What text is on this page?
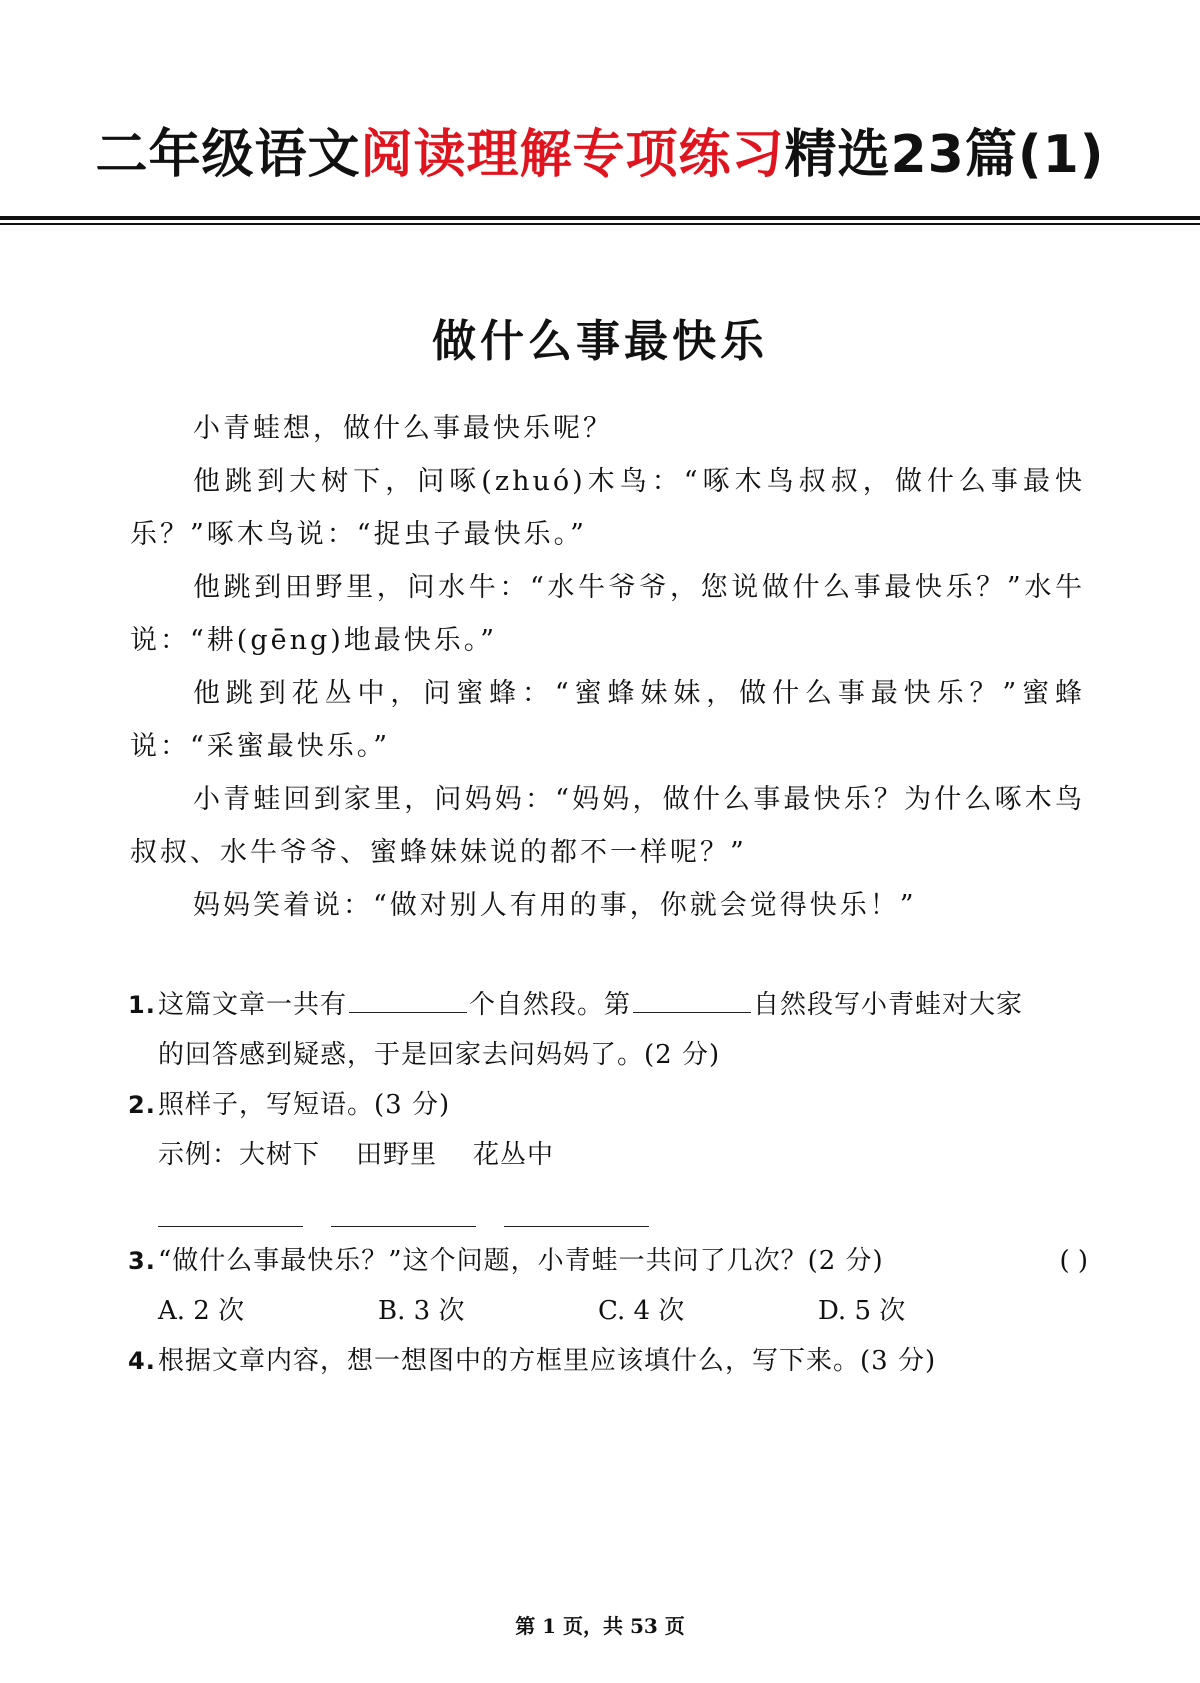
二年级语文阅读理解专项练习精选23篇(1)
做什么事最快乐

小青蛙想，做什么事最快乐呢？

他跳到大树下，问啄(zhuó)木鸟：“啄木鸟叔叔，做什么事最快乐？”啄木鸟说：“捉虫子最快乐。”

他跳到田野里，问水牛：“水牛爷爷，您说做什么事最快乐？”水牛说：“耕(gēng)地最快乐。”

他跳到花丛中，问蜜蜂：“蜜蜂妹妹，做什么事最快乐？”蜜蜂说：“采蜜最快乐。”

小青蛙回到家里，问妈妈：“妈妈，做什么事最快乐？为什么啄木鸟叔叔、水牛爷爷、蜜蜂妹妹说的都不一样呢？”

妈妈笑着说：“做对别人有用的事，你就会觉得快乐！”

1. 这篇文章一共有	个自然段。第	自然段写小青蛙对大家

的回答感到疑惑，于是回家去问妈妈了。(2 分)

2. 照样子，写短语。(3 分)

示例：大树下 田野里 花丛中

3. “做什么事最快乐？”这个问题，小青蛙一共问了几次？(2 分)	( )

A. 2 次	B. 3 次	C. 4 次	D. 5 次

4. 根据文章内容，想一想图中的方框里应该填什么，写下来。(3 分)

第 1 页，共 53 页
